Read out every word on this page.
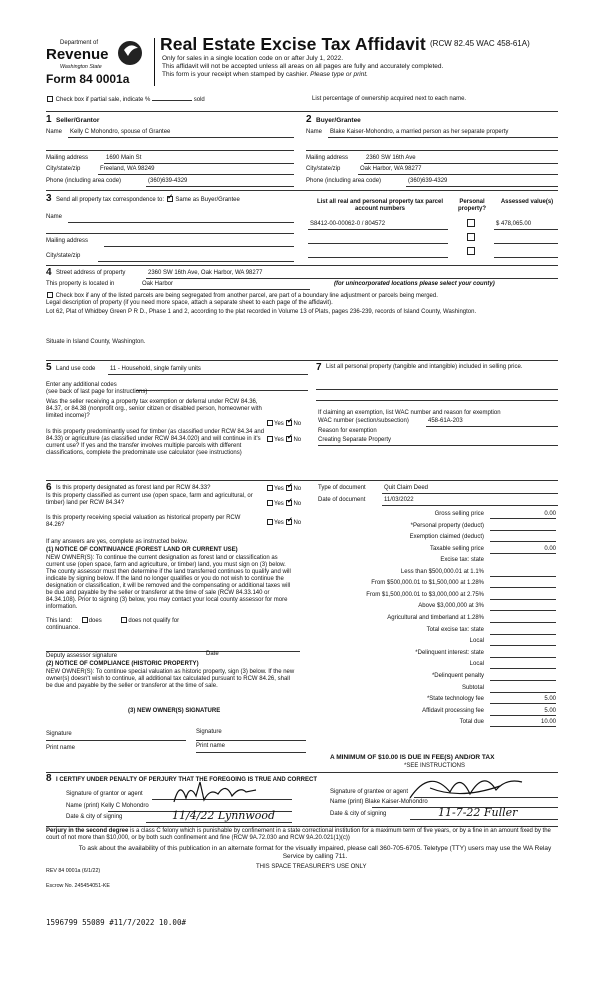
Department of
Revenue
Washington State
Form 84 0001a
Real Estate Excise Tax Affidavit (RCW 82.45 WAC 458-61A)
Only for sales in a single location code on or after July 1, 2022.
This affidavit will not be accepted unless all areas on all pages are fully and accurately completed.
This form is your receipt when stamped by cashier. Please type or print.
Check box if partial sale, indicate %	sold	List percentage of ownership acquired next to each name.
1 Seller/Grantor
Name Kelly C Mohondro, spouse of Grantee
Mailing address	1690 Main St
City/state/zip	Freeland, WA 98249
Phone (including area code)	(360)639-4329
2 Buyer/Grantee
Name Blake Kaiser-Mohondro, a married person as her separate property
Mailing address	2360 SW 16th Ave
City/state/zip	Oak Harbor, WA 98277
Phone (including area code)	(360)639-4329
3 Send all property tax correspondence to: ✓ Same as Buyer/Grantee
Name
Mailing address
City/state/zip
List all real and personal property tax parcel account numbers
Personal property?
Assessed value(s)
S8412-00-00062-0 / 804572	$ 478,065.00
4 Street address of property	2360 SW 16th Ave, Oak Harbor, WA 98277
This property is located in	Oak Harbor	(for unincorporated locations please select your county)
Check box if any of the listed parcels are being segregated from another parcel, are part of a boundary line adjustment or parcels being merged.
Legal description of property (if you need more space, attach a separate sheet to each page of the affidavit).
Lot 62, Plat of Whidbey Green P R D., Phase 1 and 2, according to the plat recorded in Volume 13 of Plats, pages 236-239, records of Island County, Washington.
Situate in Island County, Washington.
5 Land use code 11 - Household, single family units
Enter any additional codes
(see back of last page for instructions)
Was the seller receiving a property tax exemption or deferral under RCW 84.36, 84.37, or 84.38 (nonprofit org., senior citizen or disabled person, homeowner with limited income)?
Yes ✓ No
Is this property predominantly used for timber (as classified under RCW 84.34 and 84.33) or agriculture (as classified under RCW 84.34.020) and will continue in it's current use? If yes and the transfer involves multiple parcels with different classifications, complete the predominate use calculator (see instructions)
Yes ✓ No
7 List all personal property (tangible and intangible) included in selling price.
If claiming an exemption, list WAC number and reason for exemption
WAC number (section/subsection)	458-61A-203
Reason for exemption
Creating Separate Property
6 Is this property designated as forest land per RCW 84.33?	Yes ✓ No
Is this property classified as current use (open space, farm and agricultural, or timber) land per RCW 84.34?	Yes ✓ No
Is this property receiving special valuation as historical property per RCW 84.26?	Yes ✓ No
If any answers are yes, complete as instructed below.
(1) NOTICE OF CONTINUANCE (FOREST LAND OR CURRENT USE)
NEW OWNER(S): To continue the current designation as forest land or classification as current use (open space, farm and agriculture, or timber) land, you must sign on (3) below. The county assessor must then determine if the land transferred continues to qualify and will indicate by signing below. If the land no longer qualifies or you do not wish to continue the designation or classification, it will be removed and the compensating or additional taxes will be due and payable by the seller or transferor at the time of sale (RCW 84.33.140 or 84.34.108). Prior to signing (3) below, you may contact your local county assessor for more information.
This land:	does	does not qualify for
continuance.
Deputy assessor signature	Date
(2) NOTICE OF COMPLIANCE (HISTORIC PROPERTY)
NEW OWNER(S): To continue special valuation as historic property, sign (3) below. If the new owner(s) doesn't wish to continue, all additional tax calculated pursuant to RCW 84.26, shall be due and payable by the seller or transferor at the time of sale.
(3) NEW OWNER(S) SIGNATURE
Signature	Signature
Print name	Print name
Type of document	Quit Claim Deed
Date of document	11/03/2022
Gross selling price	0.00
*Personal property (deduct)
Exemption claimed (deduct)
Taxable selling price	0.00
Excise tax: state
Less than $500,000.01 at 1.1%
From $500,000.01 to $1,500,000 at 1.28%
From $1,500,000.01 to $3,000,000 at 2.75%
Above $3,000,000 at 3%
Agricultural and timberland at 1.28%
Total excise tax: state
Local
*Delinquent interest: state
Local
*Delinquent penalty
Subtotal
*State technology fee	5.00
Affidavit processing fee	5.00
Total due	10.00
A MINIMUM OF $10.00 IS DUE IN FEE(S) AND/OR TAX
*SEE INSTRUCTIONS
8 I CERTIFY UNDER PENALTY OF PERJURY THAT THE FOREGOING IS TRUE AND CORRECT
Signature of grantor or agent
Name (print) Kelly C Mohondro
Date & city of signing	11/4/22 Lynnwood
Signature of grantee or agent
Name (print) Blake Kaiser-Mohondro
Date & city of signing	11-7-22 Fuller
Perjury in the second degree is a class C felony which is punishable by confinement in a state correctional institution for a maximum term of five years, or by a fine in an amount fixed by the court of not more than $10,000, or by both such confinement and fine (RCW 9A.72.030 and RCW 9A.20.021(1)(c))
To ask about the availability of this publication in an alternate format for the visually impaired, please call 360-705-6705. Teletype (TTY) users may use the WA Relay Service by calling 711.
REV 84 0001a (6/1/22)
THIS SPACE TREASURER'S USE ONLY
Escrow No. 245454051-KE
1596799 55089 #11/7/2022 10.00#
